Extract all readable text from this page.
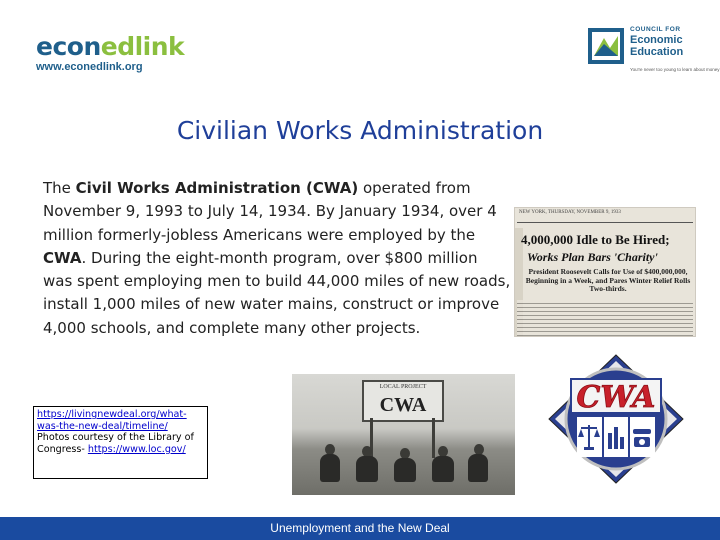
econedlink
www.econedlink.org
COUNCIL FOR
Economic
Education
You're never too young to learn about money
Civilian Works Administration
The Civil Works Administration (CWA) operated from November 9, 1993 to July 14, 1934. By January 1934, over 4 million formerly-jobless Americans were employed by the CWA. During the eight-month program, over $800 million was spent employing men to build 44,000 miles of new roads, install 1,000 miles of new water mains, construct or improve 4,000 schools, and complete many other projects.
NEW YORK, THURSDAY, NOVEMBER 9, 1933
4,000,000 Idle to Be Hired;
Works Plan Bars 'Charity'
President Roosevelt Calls for Use of $400,000,000, Beginning in a Week, and Pares Winter Relief Rolls Two-thirds.
LOCAL PROJECT
CWA	CWA
https://livingnewdeal.org/what-was-the-new-deal/timeline/
Photos courtesy of the Library of Congress- https://www.loc.gov/
Unemployment and the New Deal
